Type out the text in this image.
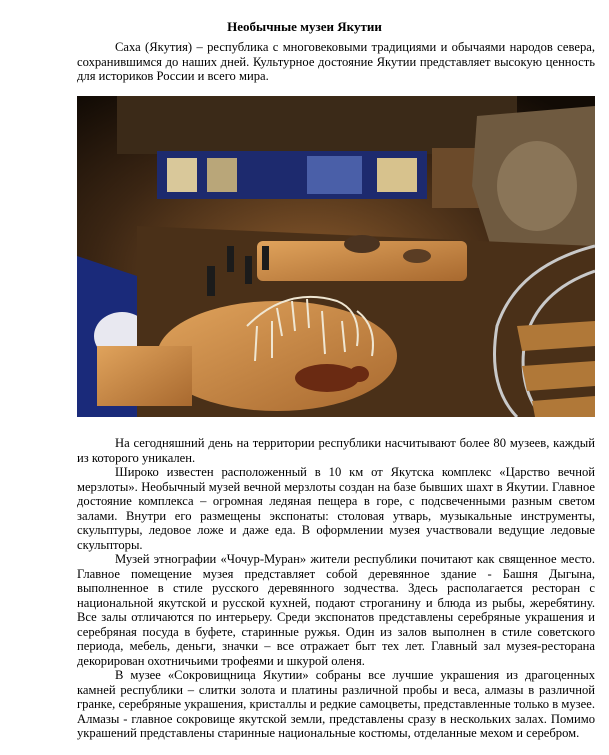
Необычные музеи Якутии

Саха (Якутия) – республика с многовековыми традициями и обычаями народов севера, сохранившимся до наших дней. Культурное достояние Якутии представляет высокую ценность для историков России и всего мира.

На сегодняшний день на территории республики насчитывают более 80 музеев, каждый из которого уникален.

Широко известен расположенный в 10 км от Якутска комплекс «Царство вечной мерзлоты». Необычный музей вечной мерзлоты создан на базе бывших шахт в Якутии. Главное достояние комплекса – огромная ледяная пещера в горе, с подсвеченными разным светом залами. Внутри его размещены экспонаты: столовая утварь, музыкальные инструменты, скульптуры, ледовое ложе и даже еда. В оформлении музея участвовали ведущие ледовые скульпторы.

Музей этнографии «Чочур-Муран» жители республики почитают как священное место. Главное помещение музея представляет собой деревянное здание - Башня Дыгына, выполненное в стиле русского деревянного зодчества. Здесь располагается ресторан с национальной якутской и русской кухней, подают строганину и блюда из рыбы, жеребятину. Все залы отличаются по интерьеру. Среди экспонатов представлены серебряные украшения и серебряная посуда в буфете, старинные ружья. Один из залов выполнен в стиле советского периода, мебель, деньги, значки – все отражает быт тех лет. Главный зал музея-ресторана декорирован охотничьими трофеями и шкурой оленя.

В музее «Сокровищница Якутии» собраны все лучшие украшения из драгоценных камней республики – слитки золота и платины различной пробы и веса, алмазы в различной гранке, серебряные украшения, кристаллы и редкие самоцветы, представленные только в музее. Алмазы - главное сокровище якутской земли, представлены сразу в нескольких залах. Помимо украшений представлены старинные национальные костюмы, отделанные мехом и серебром.
